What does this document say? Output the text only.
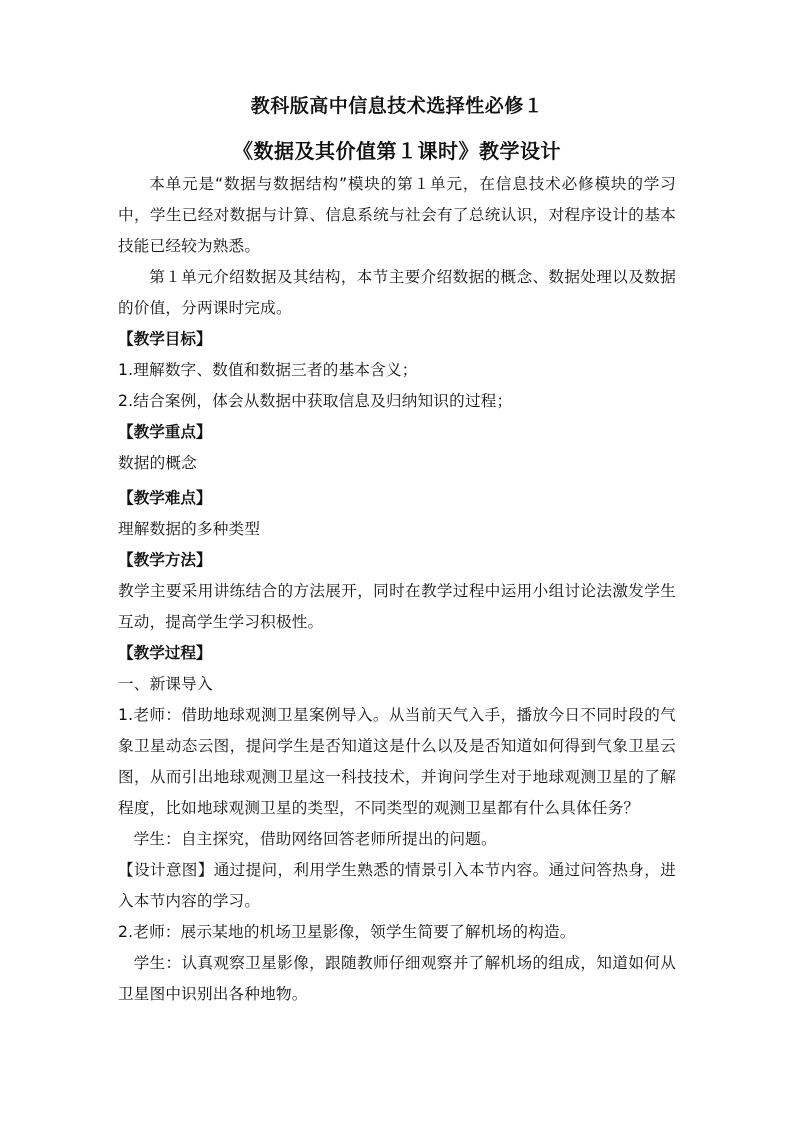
教科版高中信息技术选择性必修１
《数据及其价值第１课时》教学设计

本单元是“数据与数据结构”模块的第１单元，在信息技术必修模块的学习中，学生已经对数据与计算、信息系统与社会有了总统认识，对程序设计的基本技能已经较为熟悉。

第１单元介绍数据及其结构，本节主要介绍数据的概念、数据处理以及数据的价值，分两课时完成。

【教学目标】

1.理解数字、数值和数据三者的基本含义；

2.结合案例，体会从数据中获取信息及归纳知识的过程；

【教学重点】

数据的概念

【教学难点】

理解数据的多种类型

【教学方法】

教学主要采用讲练结合的方法展开，同时在教学过程中运用小组讨论法激发学生互动，提高学生学习积极性。

【教学过程】

一、新课导入

1.老师：借助地球观测卫星案例导入。从当前天气入手，播放今日不同时段的气象卫星动态云图，提问学生是否知道这是什么以及是否知道如何得到气象卫星云图，从而引出地球观测卫星这一科技技术，并询问学生对于地球观测卫星的了解程度，比如地球观测卫星的类型，不同类型的观测卫星都有什么具体任务？

学生：自主探究，借助网络回答老师所提出的问题。

【设计意图】通过提问，利用学生熟悉的情景引入本节内容。通过问答热身，进入本节内容的学习。

2.老师：展示某地的机场卫星影像，领学生简要了解机场的构造。

学生：认真观察卫星影像，跟随教师仔细观察并了解机场的组成，知道如何从卫星图中识别出各种地物。
